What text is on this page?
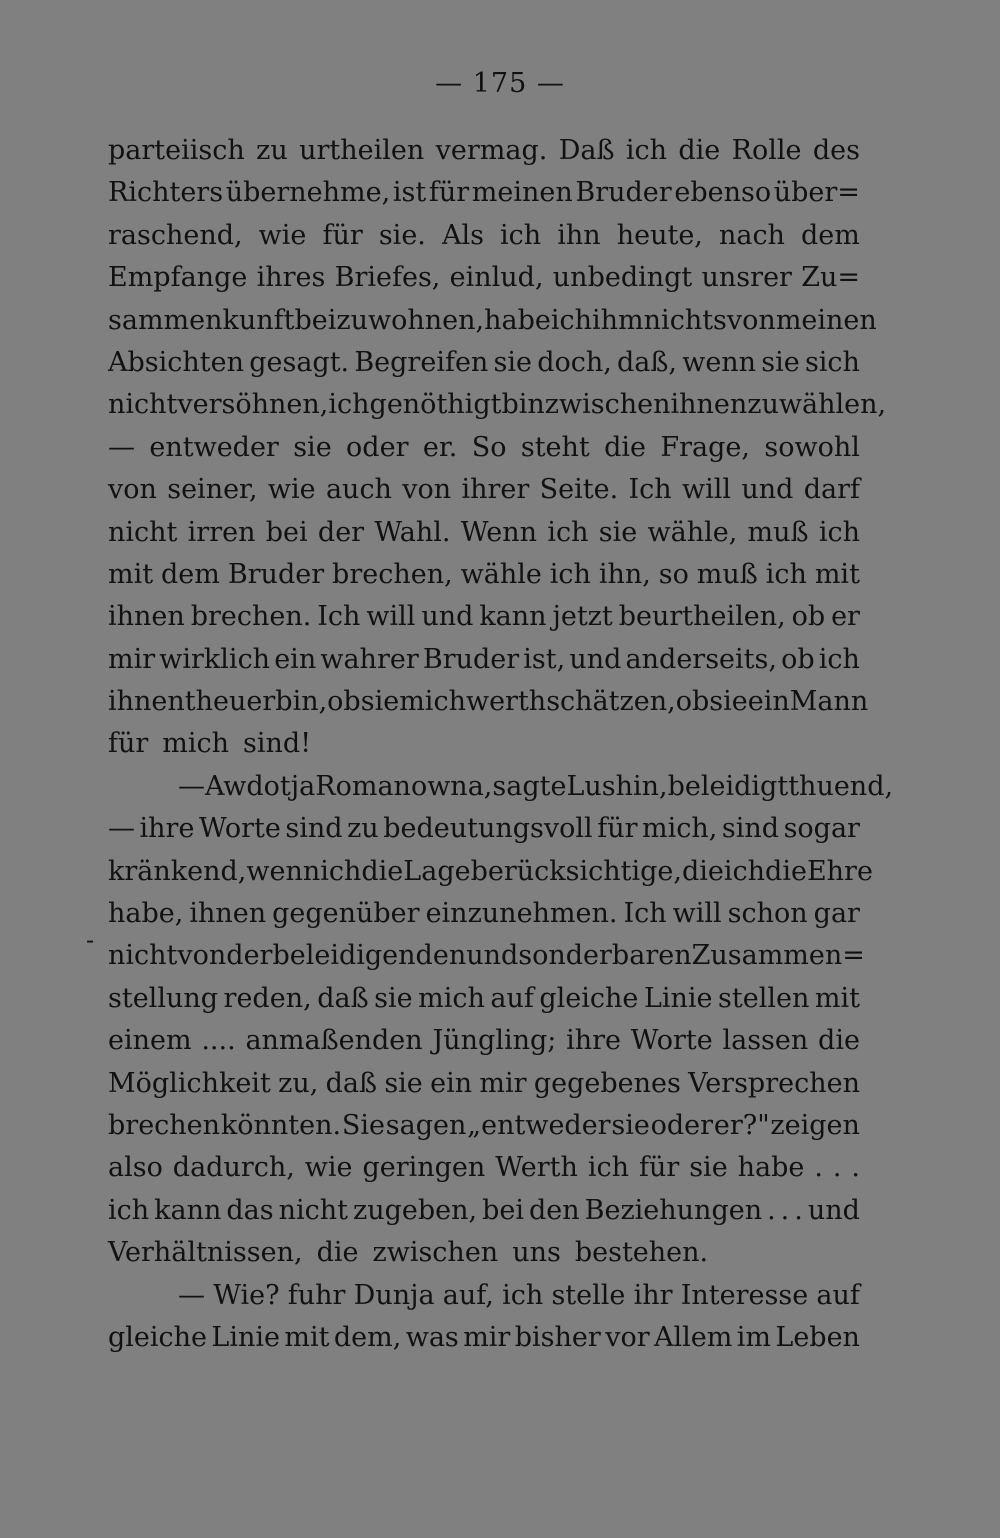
— 175 —
-
parteiisch zu urtheilen vermag. Daß ich die Rolle des
Richters übernehme, ist für meinen Bruder ebenso über=
raschend, wie für sie. Als ich ihn heute, nach dem
Empfange ihres Briefes, einlud, unbedingt unsrer Zu=
sammenkunft beizuwohnen, habe ich ihm nichts von meinen
Absichten gesagt. Begreifen sie doch, daß, wenn sie sich
nicht versöhnen, ich genöthigt bin zwischen ihnen zu wählen,
— entweder sie oder er. So steht die Frage, sowohl
von seiner, wie auch von ihrer Seite. Ich will und darf
nicht irren bei der Wahl. Wenn ich sie wähle, muß ich
mit dem Bruder brechen, wähle ich ihn, so muß ich mit
ihnen brechen. Ich will und kann jetzt beurtheilen, ob er
mir wirklich ein wahrer Bruder ist, und anderseits, ob ich
ihnen theuer bin, ob sie mich werthschätzen, ob sie ein Mann
für mich sind!
— Awdotja Romanowna, sagte Lushin, beleidigt thuend,
— ihre Worte sind zu bedeutungsvoll für mich, sind sogar
kränkend, wenn ich die Lage berücksichtige, die ich die Ehre
habe, ihnen gegenüber einzunehmen. Ich will schon gar
nicht von der beleidigenden und sonderbaren Zusammen=
stellung reden, daß sie mich auf gleiche Linie stellen mit
einem .... anmaßenden Jüngling; ihre Worte lassen die
Möglichkeit zu, daß sie ein mir gegebenes Versprechen
brechen könnten. Sie sagen „entweder sie oder er?" zeigen
also dadurch, wie geringen Werth ich für sie habe . . .
ich kann das nicht zugeben, bei den Beziehungen . . . und
Verhältnissen, die zwischen uns bestehen.
— Wie? fuhr Dunja auf, ich stelle ihr Interesse auf
gleiche Linie mit dem, was mir bisher vor Allem im Leben
